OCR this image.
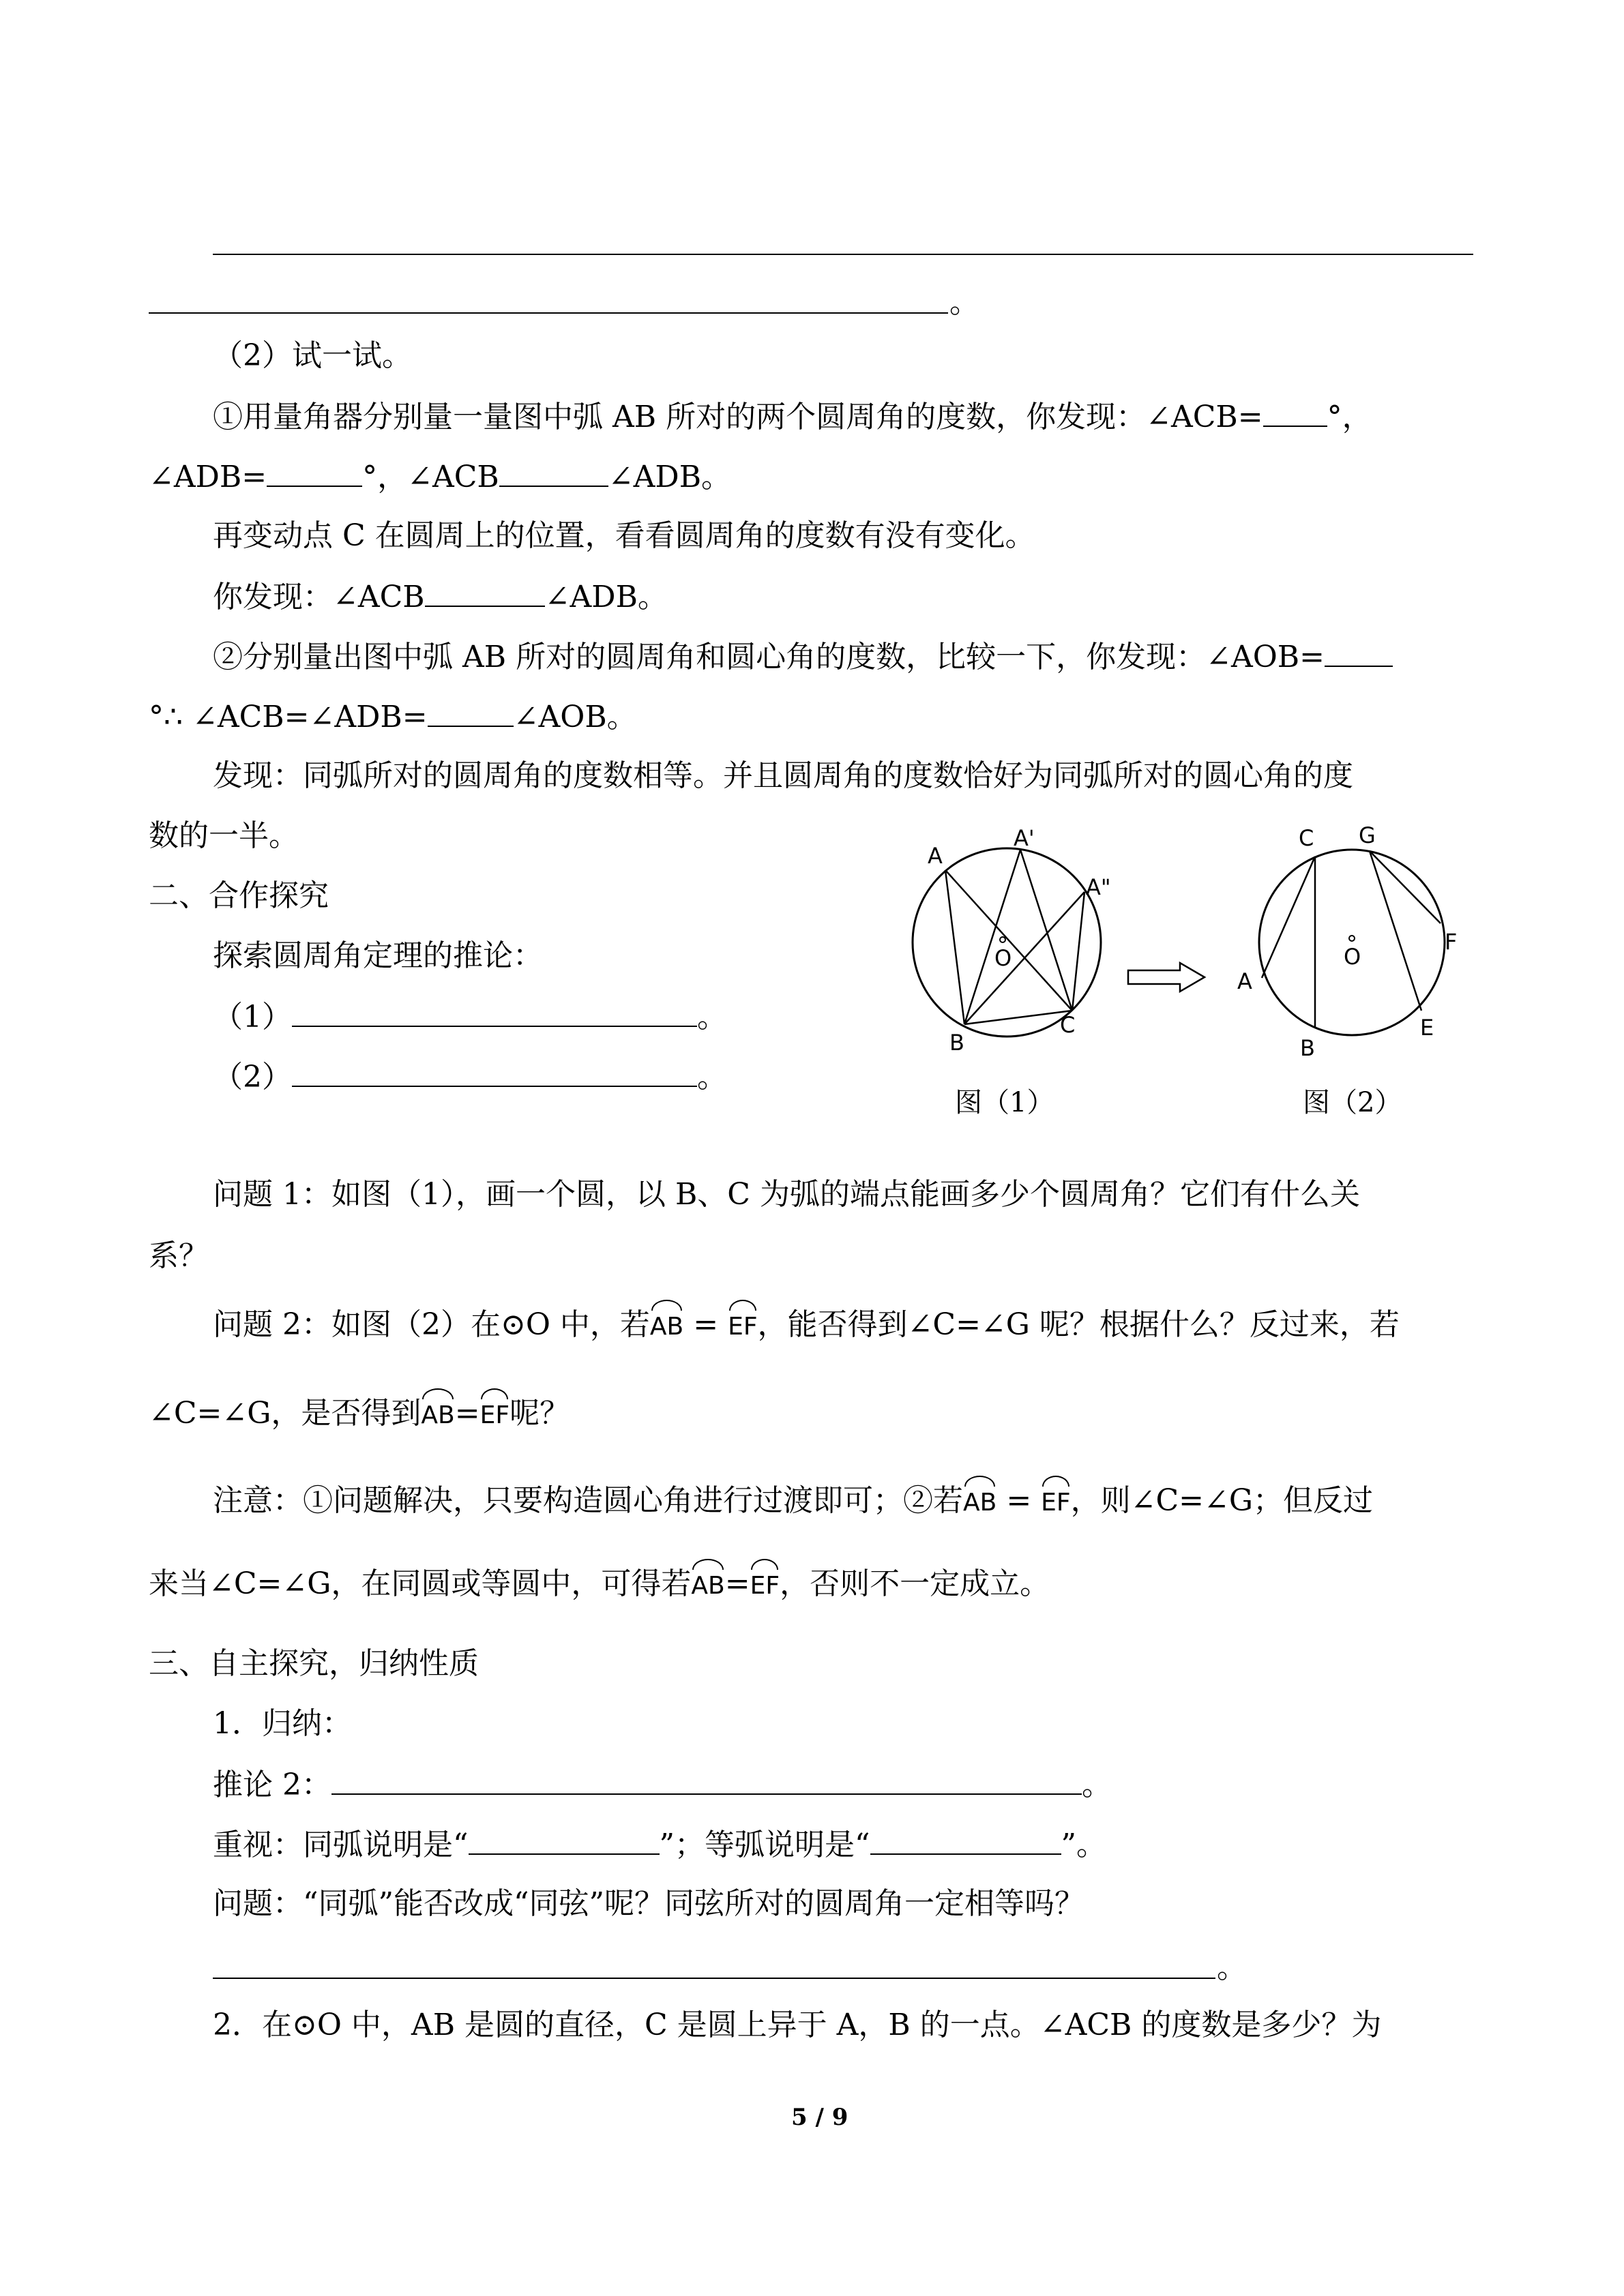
。
（2）试一试。
①用量角器分别量一量图中弧 AB 所对的两个圆周角的度数，你发现：∠ACB= °，
∠ADB=	°，∠ACB	∠ADB。
再变动点 C 在圆周上的位置，看看圆周角的度数有没有变化。
你发现：∠ACB	∠ADB。
②分别量出图中弧 AB 所对的圆周角和圆心角的度数，比较一下，你发现：∠AOB=
°∴ ∠ACB=∠ADB=	∠AOB。
发现：同弧所对的圆周角的度数相等。并且圆周角的度数恰好为同弧所对的圆心角的度
数的一半。
二、合作探究
探索圆周角定理的推论：
（1）	。
（2）	。
A
A'
A"
O
B
C
C G
F
A
O
B
E
图（1）	图（2）
问题 1：如图（1），画一个圆，以 B、C 为弧的端点能画多少个圆周角？它们有什么关
系？
问题 2：如图（2）在⊙O 中，若AB = EF，能否得到∠C=∠G 呢？根据什么？反过来，若
∠C=∠G，是否得到AB=EF呢？
注意：①问题解决，只要构造圆心角进行过渡即可；②若AB = EF，则∠C=∠G；但反过
来当∠C=∠G，在同圆或等圆中，可得若AB=EF，否则不一定成立。
三、自主探究，归纳性质
1．归纳：
推论 2：	。
重视：同弧说明是“	”；等弧说明是“	”。
问题：“同弧”能否改成“同弦”呢？同弦所对的圆周角一定相等吗？
。
2．在⊙O 中，AB 是圆的直径，C 是圆上异于 A，B 的一点。∠ACB 的度数是多少？为
5 / 9
